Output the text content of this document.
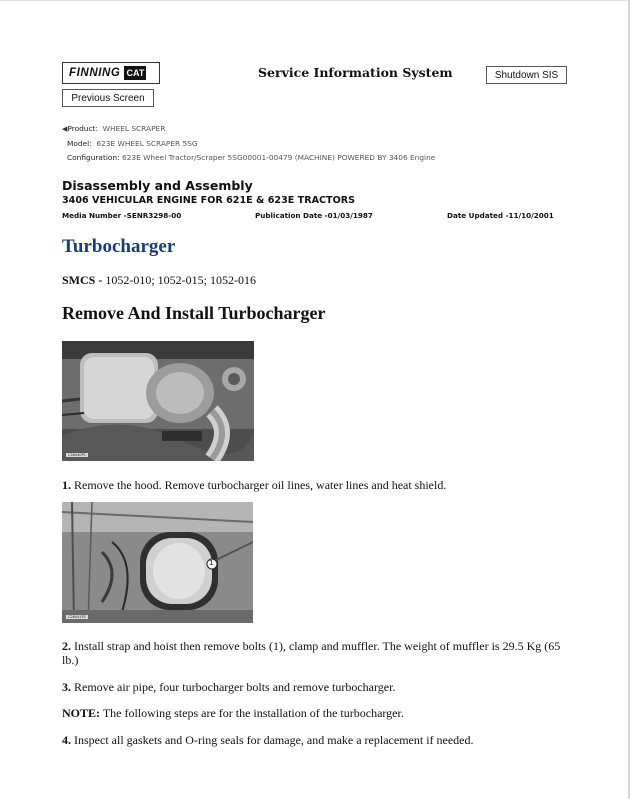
FINNING CAT	Service Information System	Shutdown SIS
Previous Screen
◀Product: WHEEL SCRAPER
Model: 623E WHEEL SCRAPER 5SG
Configuration: 623E Wheel Tractor/Scraper 5SG00001-00479 (MACHINE) POWERED BY 3406 Engine
Disassembly and Assembly
3406 VEHICULAR ENGINE FOR 621E & 623E TRACTORS
Media Number -SENR3298-00	Publication Date -01/03/1987	Date Updated -11/10/2001
Turbocharger
SMCS - 1052-010; 1052-015; 1052-016
Remove And Install Turbocharger
C28440P1
1. Remove the hood. Remove turbocharger oil lines, water lines and heat shield.
1
C28441P1
2. Install strap and hoist then remove bolts (1), clamp and muffler. The weight of muffler is 29.5 Kg (65 lb.)
3. Remove air pipe, four turbocharger bolts and remove turbocharger.
NOTE: The following steps are for the installation of the turbocharger.
4. Inspect all gaskets and O-ring seals for damage, and make a replacement if needed.
